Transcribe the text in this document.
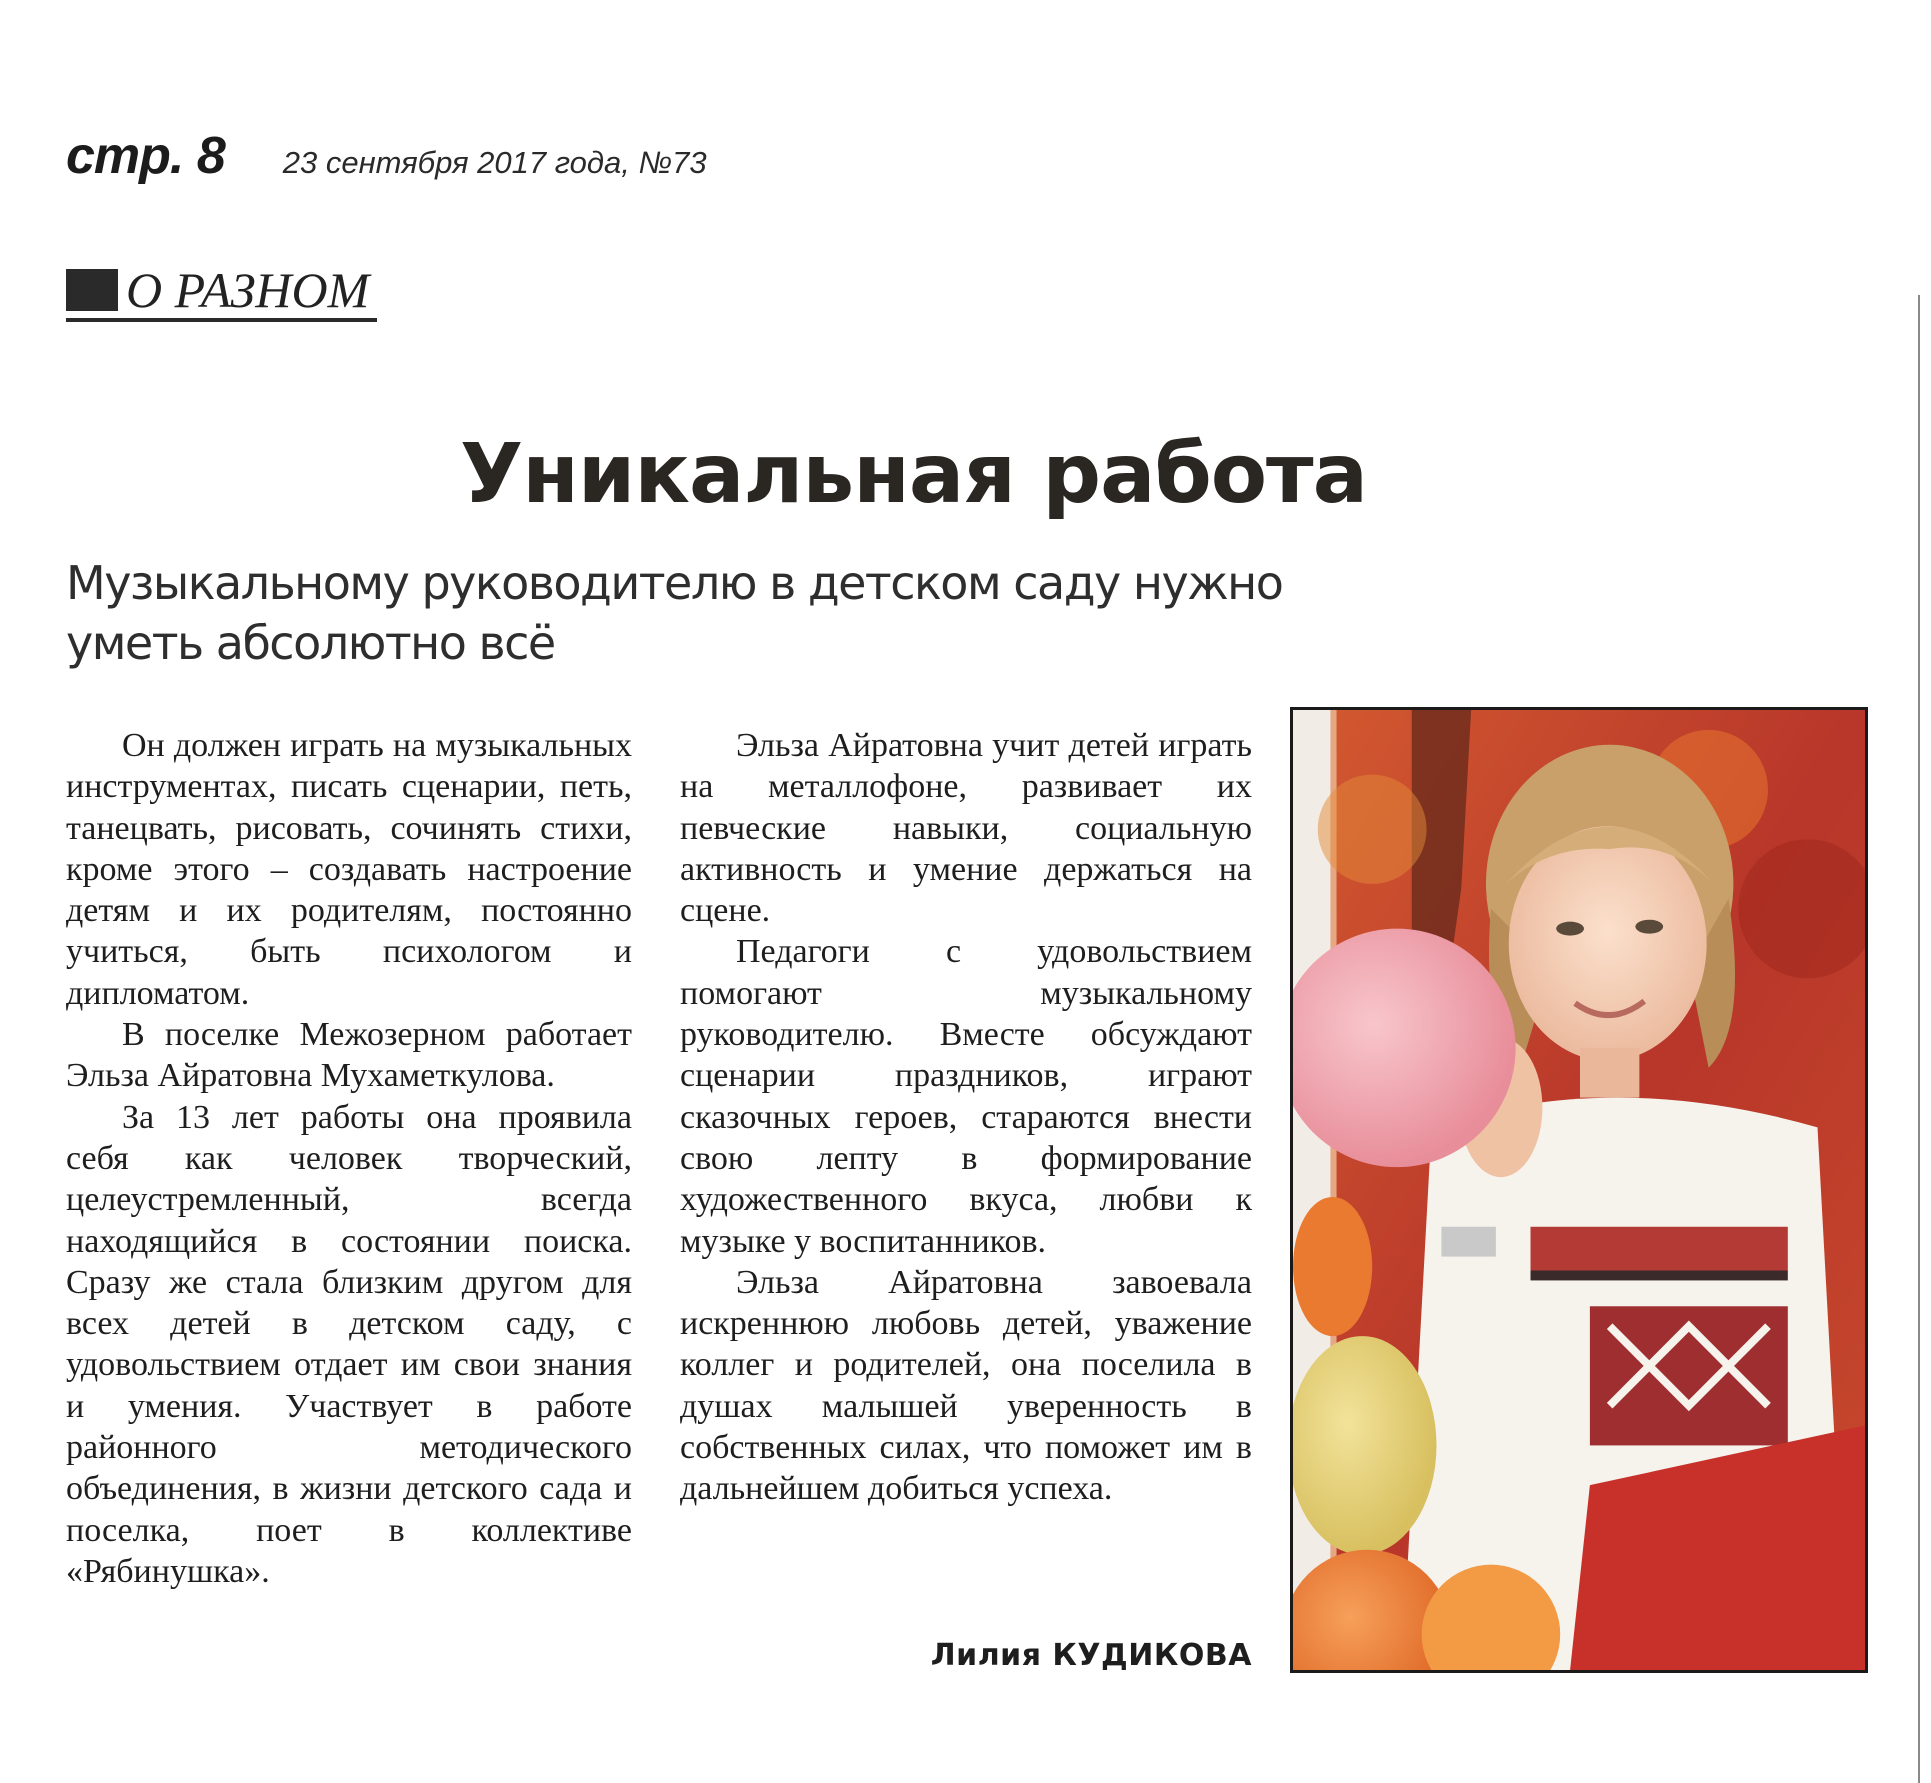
стр. 8 23 сентября 2017 года, №73
О РАЗНОМ
Уникальная работа
Музыкальному руководителю в детском саду нужно уметь абсолютно всё

Он должен играть на музыкальных инструментах, писать сценарии, петь, танецвать, рисовать, сочинять стихи, кроме этого – создавать настроение детям и их родителям, постоянно учиться, быть психологом и дипломатом.

В поселке Межозерном работает Эльза Айратовна Мухаметкулова.

За 13 лет работы она проявила себя как человек творческий, целеустремленный, всегда находящийся в состоянии поиска. Сразу же стала близким другом для всех детей в детском саду, с удовольствием отдает им свои знания и умения. Участвует в работе районного методического объединения, в жизни детского сада и поселка, поет в коллективе «Рябинушка».

Эльза Айратовна учит детей играть на металлофоне, развивает их певческие навыки, социальную активность и умение держаться на сцене.

Педагоги с удовольствием помогают музыкальному руководителю. Вместе обсуждают сценарии праздников, играют сказочных героев, стараются внести свою лепту в формирование художественного вкуса, любви к музыке у воспитанников.

Эльза Айратовна завоевала искреннюю любовь детей, уважение коллег и родителей, она поселила в душах малышей уверенность в собственных силах, что поможет им в дальнейшем добиться успеха.

Лилия КУДИКОВА
